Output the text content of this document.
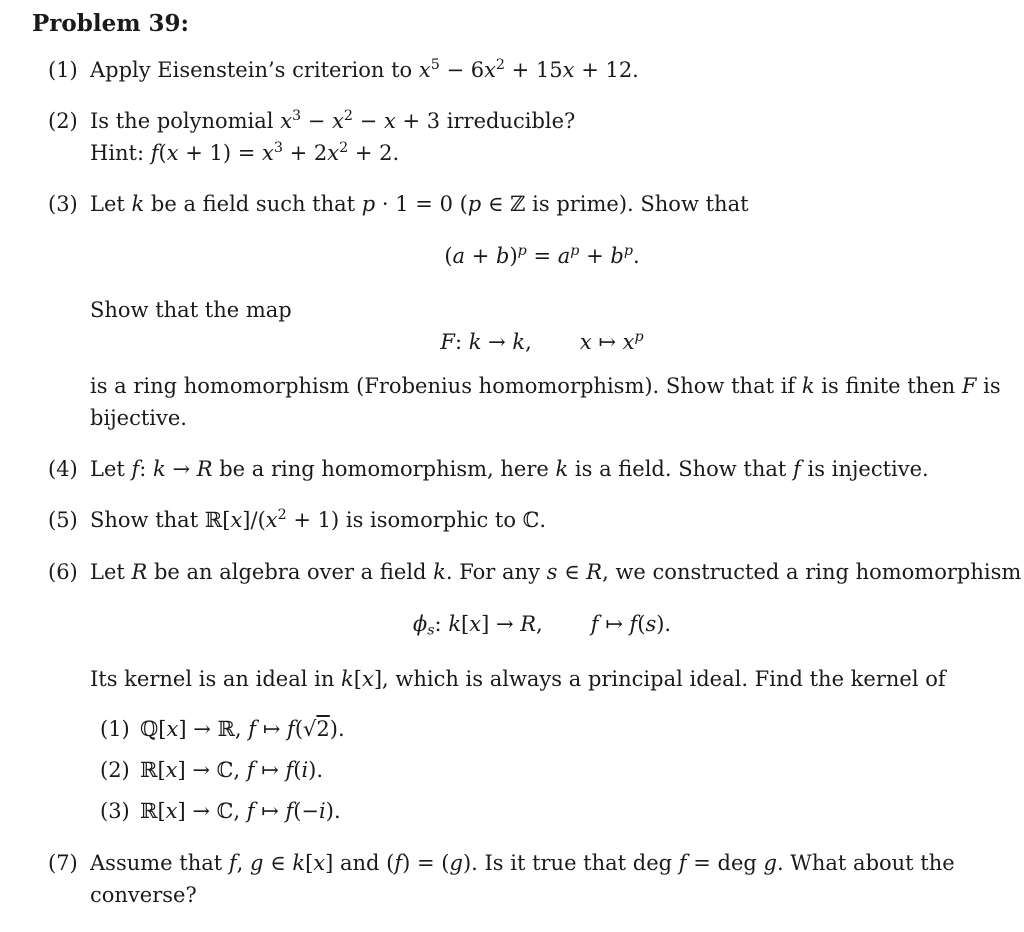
Problem 39:
(1) Apply Eisenstein’s criterion to $x^5 - 6x^2 + 15x + 12$.
(2) Is the polynomial $x^3 - x^2 - x + 3$ irreducible?
Hint: $f(x + 1) = x^3 + 2x^2 + 2$.
(3) Let k be a field such that p · 1 = 0 (p ∈ ℤ is prime). Show that
$(a + b)^p = a^p + b^p$.
Show that the map
F: k → k, x ↦ $x^p$
is a ring homomorphism (Frobenius homomorphism). Show that if k is finite then F is
bijective.
(4) Let f: k → R be a ring homomorphism, here k is a field. Show that f is injective.
(5) Show that $ℝ[x]/(x^2 + 1)$ is isomorphic to ℂ.
(6) Let R be an algebra over a field k. For any s ∈ R, we constructed a ring homomorphism
$\phi_s$: k[x] → R, f ↦ f(s).
Its kernel is an ideal in k[x], which is always a principal ideal. Find the kernel of
(1) ℚ[x] → ℝ, f ↦ f(√2).
(2) ℝ[x] → ℂ, f ↦ f(i).
(3) ℝ[x] → ℂ, f ↦ f(−i).
(7) Assume that f, g ∈ k[x] and (f) = (g). Is it true that deg f = deg g. What about the
converse?
